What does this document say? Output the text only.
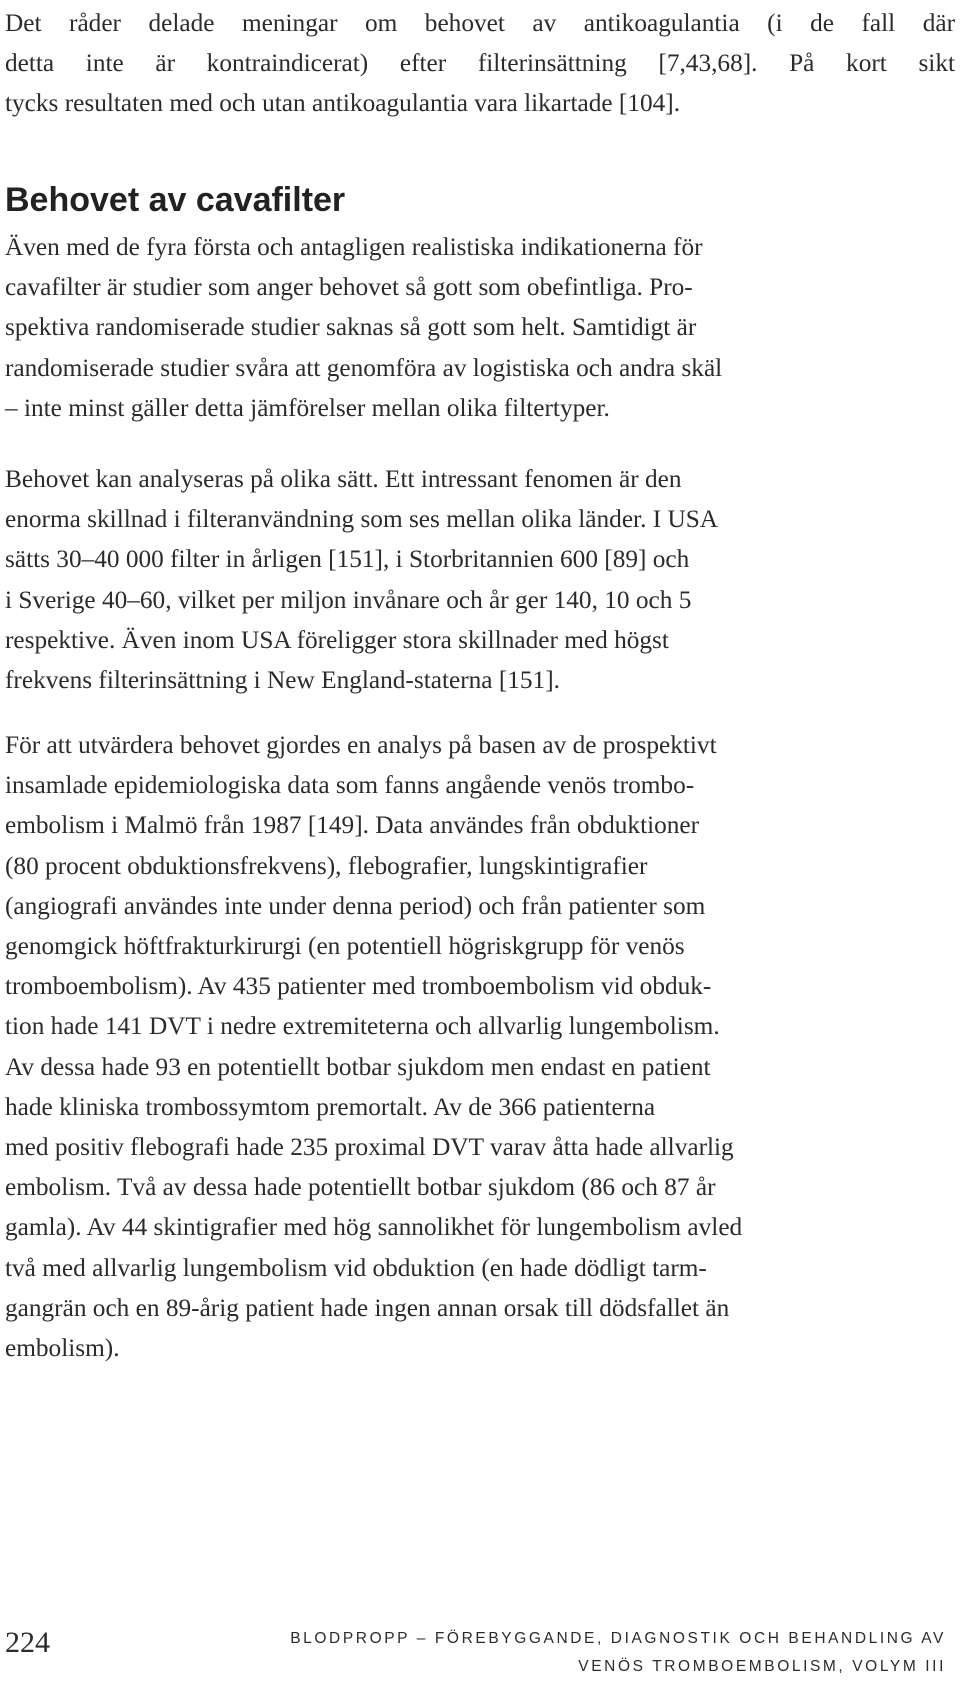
Det råder delade meningar om behovet av antikoagulantia (i de fall där
detta inte är kontraindicerat) efter filterinsättning [7,43,68]. På kort sikt
tycks resultaten med och utan antikoagulantia vara likartade [104].
Behovet av cavafilter
Även med de fyra första och antagligen realistiska indikationerna för
cavafilter är studier som anger behovet så gott som obefintliga. Pro-
spektiva randomiserade studier saknas så gott som helt. Samtidigt är
randomiserade studier svåra att genomföra av logistiska och andra skäl
– inte minst gäller detta jämförelser mellan olika filtertyper.
Behovet kan analyseras på olika sätt. Ett intressant fenomen är den
enorma skillnad i filteranvändning som ses mellan olika länder. I USA
sätts 30–40 000 filter in årligen [151], i Storbritannien 600 [89] och
i Sverige 40–60, vilket per miljon invånare och år ger 140, 10 och 5
respektive. Även inom USA föreligger stora skillnader med högst
frekvens filterinsättning i New England-staterna [151].
För att utvärdera behovet gjordes en analys på basen av de prospektivt
insamlade epidemiologiska data som fanns angående venös trombo-
embolism i Malmö från 1987 [149]. Data användes från obduktioner
(80 procent obduktionsfrekvens), flebografier, lungskintigrafier
(angiografi användes inte under denna period) och från patienter som
genomgick höftfrakturkirurgi (en potentiell högriskgrupp för venös
tromboembolism). Av 435 patienter med tromboembolism vid obduk-
tion hade 141 DVT i nedre extremiteterna och allvarlig lungembolism.
Av dessa hade 93 en potentiellt botbar sjukdom men endast en patient
hade kliniska trombossymtom premortalt. Av de 366 patienterna
med positiv flebografi hade 235 proximal DVT varav åtta hade allvarlig
embolism. Två av dessa hade potentiellt botbar sjukdom (86 och 87 år
gamla). Av 44 skintigrafier med hög sannolikhet för lungembolism avled
två med allvarlig lungembolism vid obduktion (en hade dödligt tarm-
gangrän och en 89-årig patient hade ingen annan orsak till dödsfallet än
embolism).
224	BLODPROPP – FÖREBYGGANDE, DIAGNOSTIK OCH BEHANDLING AV
VENÖS TROMBOEMBOLISM, VOLYM III
